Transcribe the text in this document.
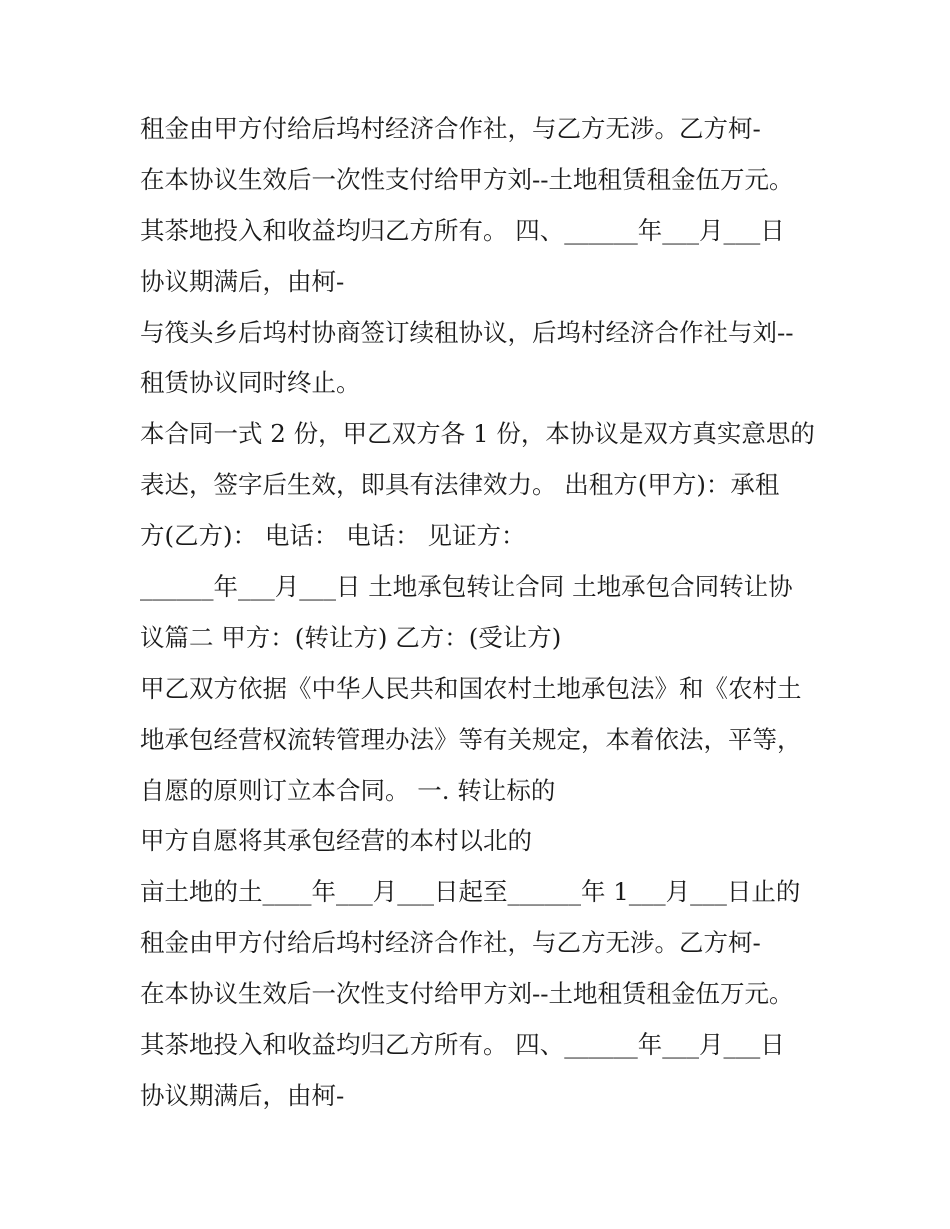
租金由甲方付给后坞村经济合作社，与乙方无涉。乙方柯-
在本协议生效后一次性支付给甲方刘--土地租赁租金伍万元。
其茶地投入和收益均归乙方所有。 四、______年___月___日
协议期满后，由柯-
与筏头乡后坞村协商签订续租协议，后坞村经济合作社与刘--
租赁协议同时终止。
本合同一式 2 份，甲乙双方各 1 份，本协议是双方真实意思的
表达，签字后生效，即具有法律效力。 出租方(甲方)：承租
方(乙方)： 电话： 电话： 见证方：
______年___月___日 土地承包转让合同 土地承包合同转让协
议篇二 甲方：(转让方) 乙方：(受让方)
甲乙双方依据《中华人民共和国农村土地承包法》和《农村土
地承包经营权流转管理办法》等有关规定，本着依法，平等，
自愿的原则订立本合同。 一. 转让标的
甲方自愿将其承包经营的本村以北的
亩土地的土____年___月___日起至______年 1___月___日止的
租金由甲方付给后坞村经济合作社，与乙方无涉。乙方柯-
在本协议生效后一次性支付给甲方刘--土地租赁租金伍万元。
其茶地投入和收益均归乙方所有。 四、______年___月___日
协议期满后，由柯-
